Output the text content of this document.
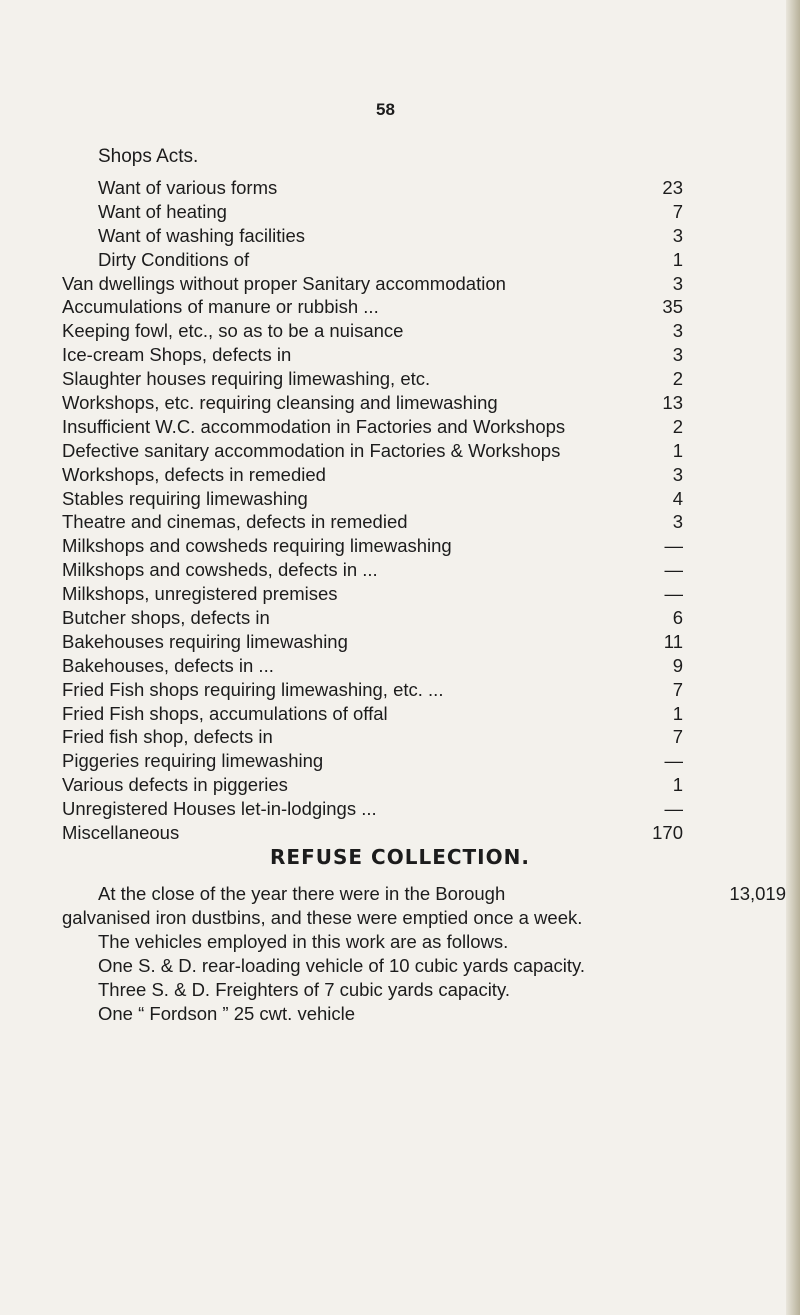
58
Shops Acts.
Want of various forms	23
Want of heating	7
Want of washing facilities	3
Dirty Conditions of	1
Van dwellings without proper Sanitary accommodation	3
Accumulations of manure or rubbish ...	35
Keeping fowl, etc., so as to be a nuisance	3
Ice-cream Shops, defects in	3
Slaughter houses requiring limewashing, etc.	2
Workshops, etc. requiring cleansing and limewashing	13
Insufficient W.C. accommodation in Factories and Workshops	2
Defective sanitary accommodation in Factories & Workshops	1
Workshops, defects in remedied	3
Stables requiring limewashing	4
Theatre and cinemas, defects in remedied	3
Milkshops and cowsheds requiring limewashing	—
Milkshops and cowsheds, defects in ...	—
Milkshops, unregistered premises	—
Butcher shops, defects in	6
Bakehouses requiring limewashing	11
Bakehouses, defects in ...	9
Fried Fish shops requiring limewashing, etc. ...	7
Fried Fish shops, accumulations of offal	1
Fried fish shop, defects in	7
Piggeries requiring limewashing	—
Various defects in piggeries	1
Unregistered Houses let-in-lodgings ...	—
Miscellaneous	170
REFUSE COLLECTION.
At the close of the year there were in the Borough	13,019
galvanised iron dustbins, and these were emptied once a week.
The vehicles employed in this work are as follows.
One S. & D. rear-loading vehicle of 10 cubic yards capacity.
Three S. & D. Freighters of 7 cubic yards capacity.
One “ Fordson ” 25 cwt. vehicle
